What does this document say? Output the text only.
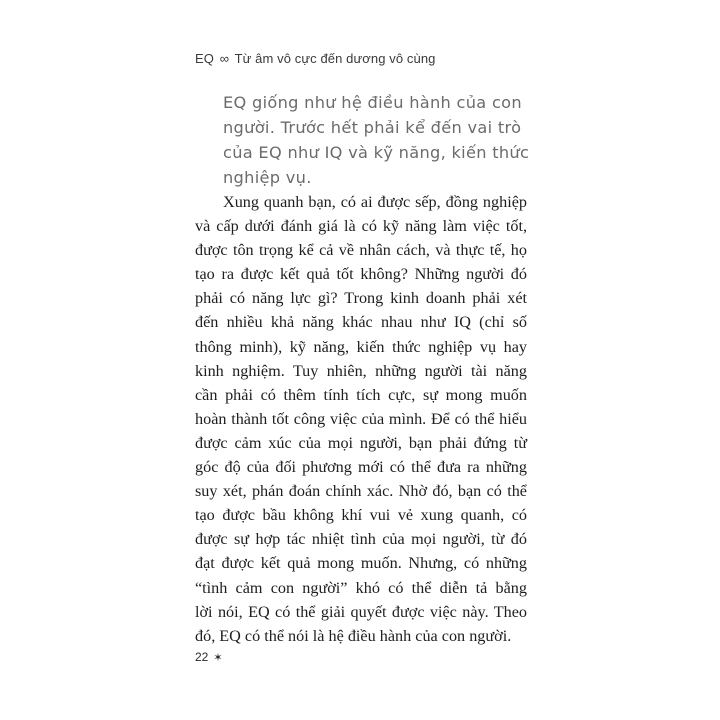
EQ ∞ Từ âm vô cực đến dương vô cùng
EQ giống như hệ điều hành của con
người. Trước hết phải kể đến vai trò
của EQ như IQ và kỹ năng, kiến thức
nghiệp vụ.
Xung quanh bạn, có ai được sếp, đồng nghiệp
và cấp dưới đánh giá là có kỹ năng làm việc tốt,
được tôn trọng kể cả về nhân cách, và thực tế, họ
tạo ra được kết quả tốt không? Những người đó
phải có năng lực gì? Trong kinh doanh phải xét
đến nhiều khả năng khác nhau như IQ (chỉ số
thông minh), kỹ năng, kiến thức nghiệp vụ hay
kinh nghiệm. Tuy nhiên, những người tài năng
cần phải có thêm tính tích cực, sự mong muốn
hoàn thành tốt công việc của mình. Để có thể hiểu
được cảm xúc của mọi người, bạn phải đứng từ
góc độ của đối phương mới có thể đưa ra những
suy xét, phán đoán chính xác. Nhờ đó, bạn có thể
tạo được bầu không khí vui vẻ xung quanh, có
được sự hợp tác nhiệt tình của mọi người, từ đó
đạt được kết quả mong muốn. Nhưng, có những
“tình cảm con người” khó có thể diễn tả bằng
lời nói, EQ có thể giải quyết được việc này. Theo
đó, EQ có thể nói là hệ điều hành của con người.
22 ✶
